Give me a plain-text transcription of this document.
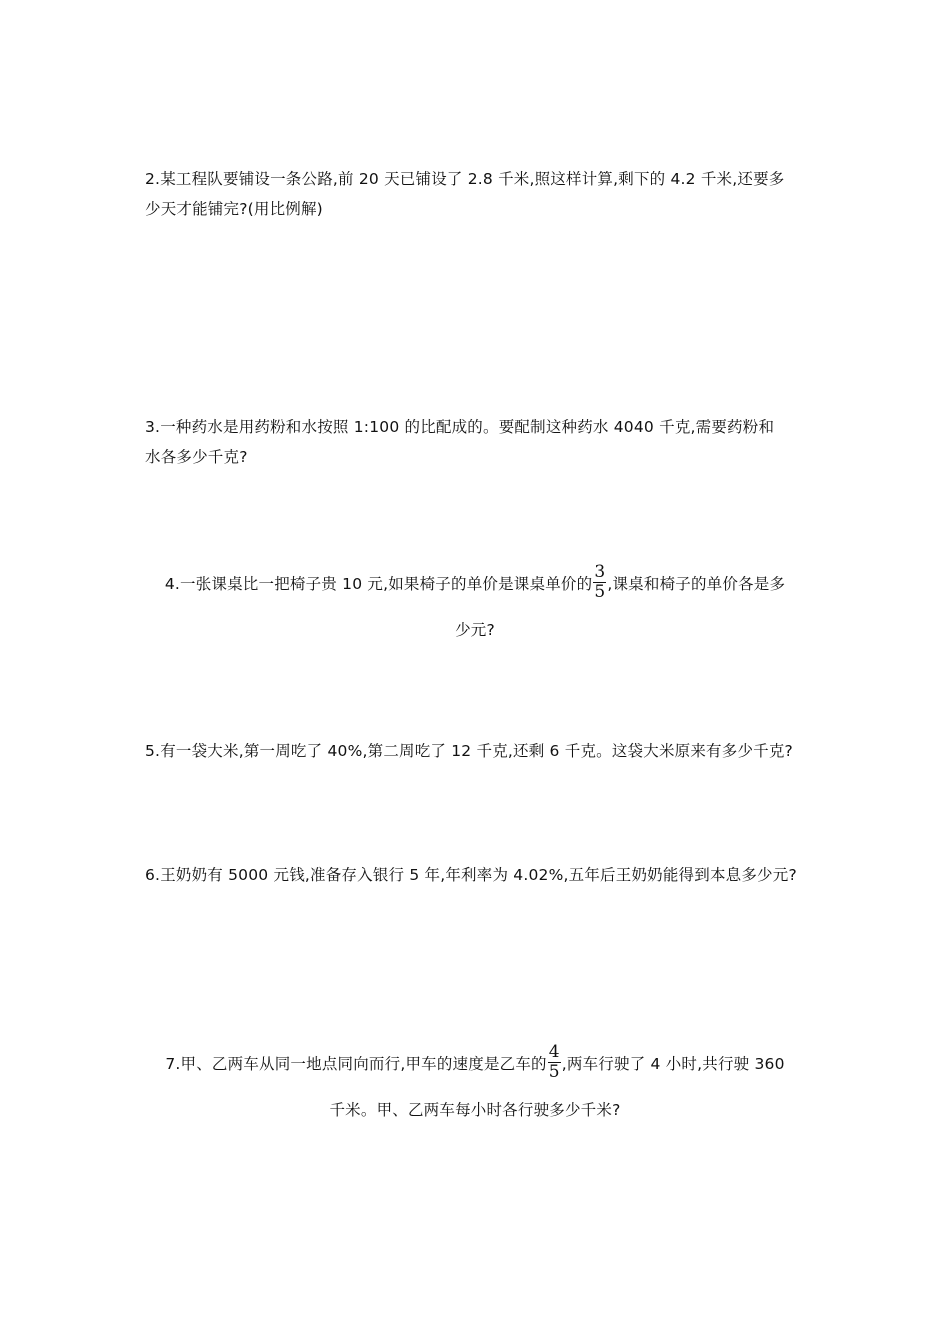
2.某工程队要铺设一条公路,前 20 天已铺设了 2.8 千米,照这样计算,剩下的 4.2 千米,还要多
少天才能铺完?(用比例解)
3.一种药水是用药粉和水按照 1:100 的比配成的。要配制这种药水 4040 千克,需要药粉和
水各多少千克?
4.一张课桌比一把椅子贵 10 元,如果椅子的单价是课桌单价的 $\frac{3}{5}$ ,课桌和椅子的单价各是多
少元?
5.有一袋大米,第一周吃了 40%,第二周吃了 12 千克,还剩 6 千克。这袋大米原来有多少千克?
6.王奶奶有 5000 元钱,准备存入银行 5 年,年利率为 4.02%,五年后王奶奶能得到本息多少元?
7.甲、乙两车从同一地点同向而行,甲车的速度是乙车的 $\frac{4}{5}$ ,两车行驶了 4 小时,共行驶 360
千米。甲、乙两车每小时各行驶多少千米?
